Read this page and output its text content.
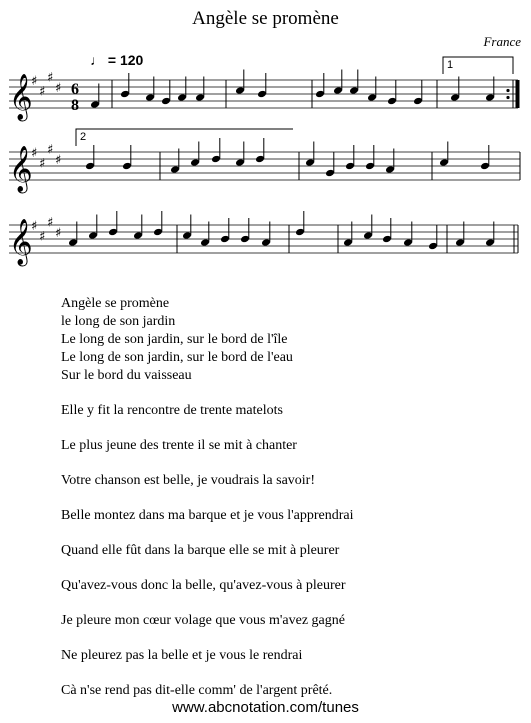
Angèle se promène
France
♩ = 120
𝄞
♯
♯
♯
♯
𝄞
♯
♯
♯
♯
𝄞
♯
♯
♯
♯
1
2
6
8
Angèle se promène
le long de son jardin
Le long de son jardin, sur le bord de l'île
Le long de son jardin, sur le bord de l'eau
Sur le bord du vaisseau
Elle y fit la rencontre de trente matelots
Le plus jeune des trente il se mit à chanter
Votre chanson est belle, je voudrais la savoir!
Belle montez dans ma barque et je vous l'apprendrai
Quand elle fût dans la barque elle se mit à pleurer
Qu'avez-vous donc la belle, qu'avez-vous à pleurer
Je pleure mon cœur volage que vous m'avez gagné
Ne pleurez pas la belle et je vous le rendrai
Cà n'se rend pas dit-elle comm' de l'argent prêté.
www.abcnotation.com/tunes
